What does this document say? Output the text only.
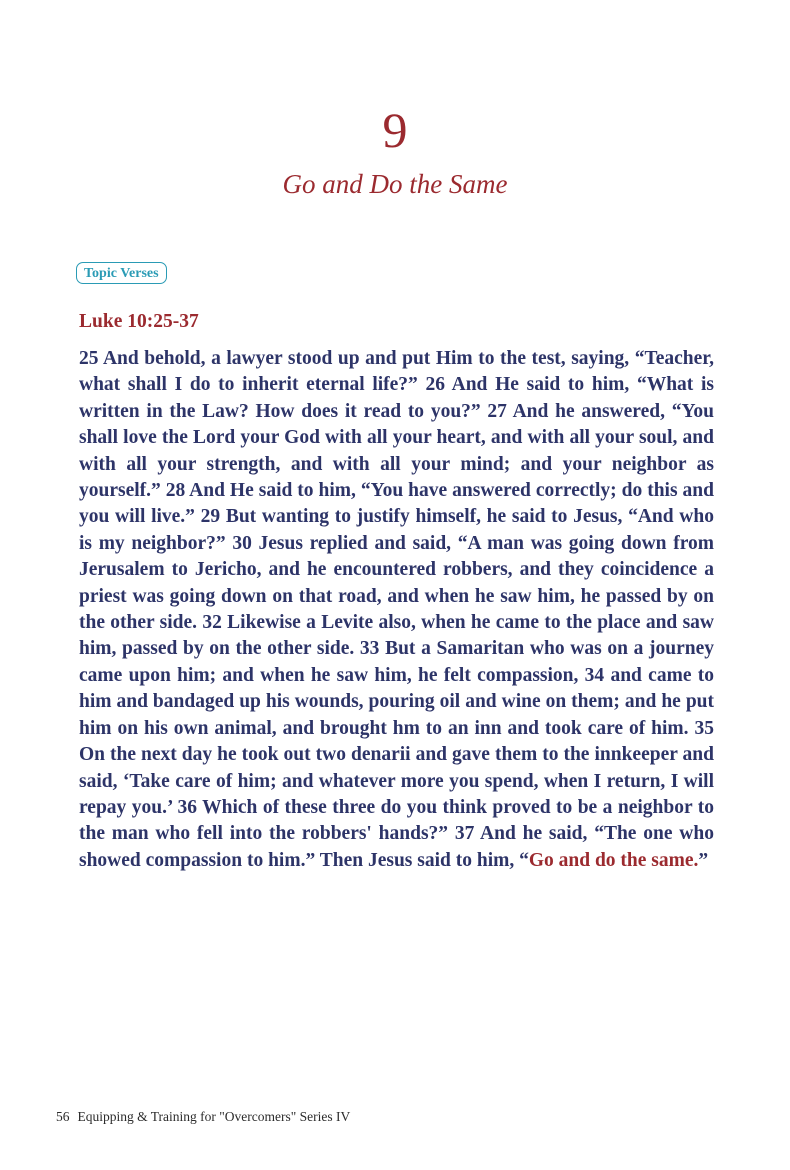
9
Go and Do the Same
Topic Verses
Luke 10:25-37

25 And behold, a lawyer stood up and put Him to the test, saying, “Teacher, what shall I do to inherit eternal life?” 26 And He said to him, “What is written in the Law? How does it read to you?” 27 And he answered, “You shall love the Lord your God with all your heart, and with all your soul, and with all your strength, and with all your mind; and your neighbor as yourself.” 28 And He said to him, “You have answered correctly; do this and you will live.” 29 But wanting to justify himself, he said to Jesus, “And who is my neighbor?” 30 Jesus replied and said, “A man was going down from Jerusalem to Jericho, and he encountered robbers, and they coincidence a priest was going down on that road, and when he saw him, he passed by on the other side. 32 Likewise a Levite also, when he came to the place and saw him, passed by on the other side. 33 But a Samaritan who was on a journey came upon him; and when he saw him, he felt compassion, 34 and came to him and bandaged up his wounds, pouring oil and wine on them; and he put him on his own animal, and brought hm to an inn and took care of him. 35 On the next day he took out two denarii and gave them to the innkeeper and said, ‘Take care of him; and whatever more you spend, when I return, I will repay you.’ 36 Which of these three do you think proved to be a neighbor to the man who fell into the robbers' hands?” 37 And he said, “The one who showed compassion to him.” Then Jesus said to him, “Go and do the same.”

56 Equipping & Training for "Overcomers" Series IV
